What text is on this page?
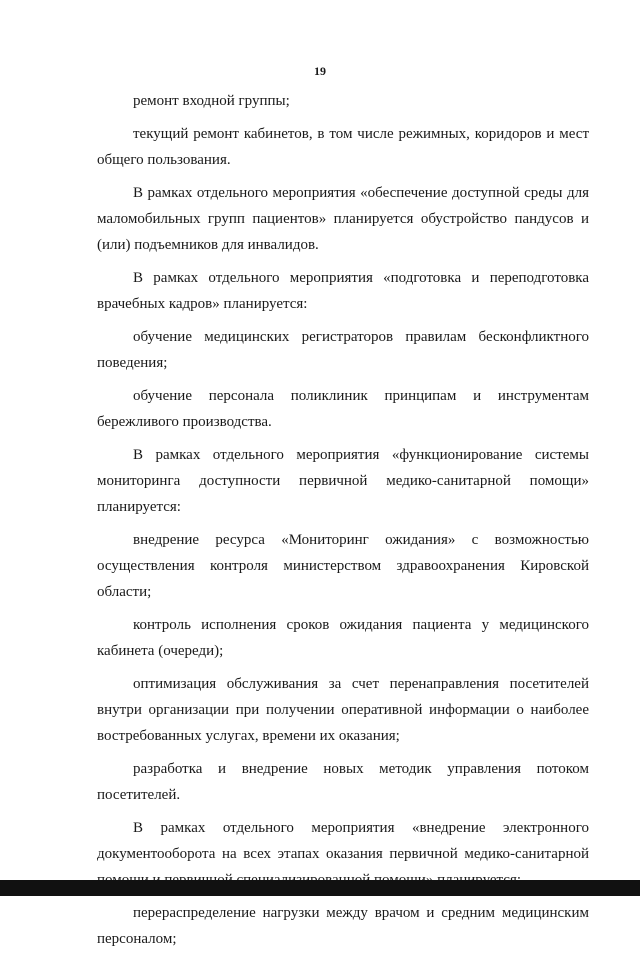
19

ремонт входной группы;

текущий ремонт кабинетов, в том числе режимных, коридоров и мест общего пользования.

В рамках отдельного мероприятия «обеспечение доступной среды для маломобильных групп пациентов» планируется обустройство пандусов и (или) подъемников для инвалидов.

В рамках отдельного мероприятия «подготовка и переподготовка врачебных кадров» планируется:

обучение медицинских регистраторов правилам бесконфликтного поведения;

обучение персонала поликлиник принципам и инструментам бережливого производства.

В рамках отдельного мероприятия «функционирование системы мониторинга доступности первичной медико-санитарной помощи» планируется:

внедрение ресурса «Мониторинг ожидания» с возможностью осуществления контроля министерством здравоохранения Кировской области;

контроль исполнения сроков ожидания пациента у медицинского кабинета (очереди);

оптимизация обслуживания за счет перенаправления посетителей внутри организации при получении оперативной информации о наиболее востребованных услугах, времени их оказания;

разработка и внедрение новых методик управления потоком посетителей.

В рамках отдельного мероприятия «внедрение электронного документооборота на всех этапах оказания первичной медико-санитарной

перераспределение нагрузки между врачом и средним медицинским персоналом;
